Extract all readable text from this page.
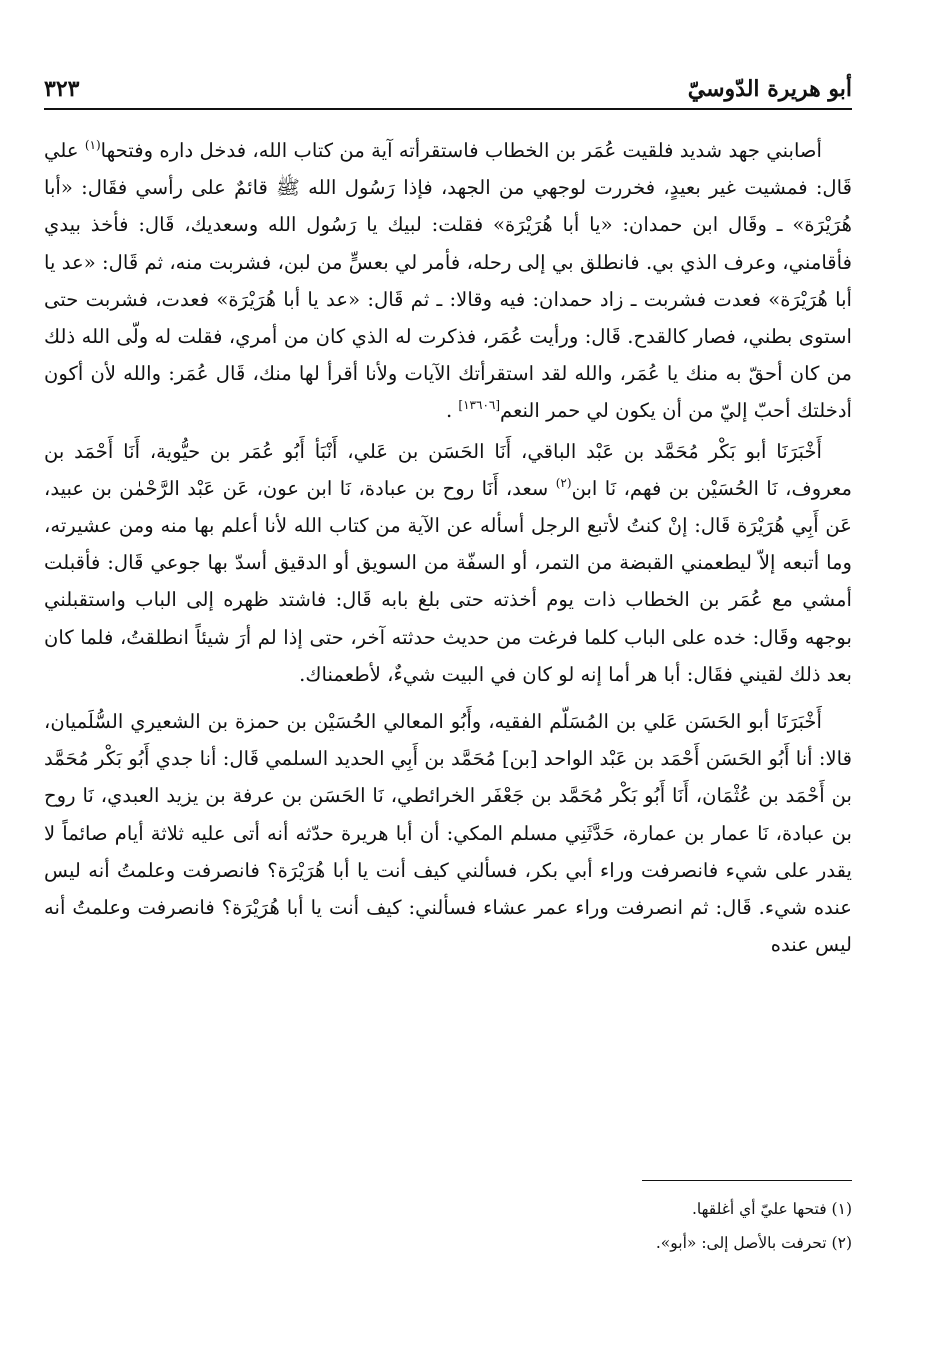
أبو هريرة الدّوسيّ
٣٢٣

أصابني جهد شديد فلقيت عُمَر بن الخطاب فاستقرأته آية من كتاب الله، فدخل داره وفتحها$^{(١)}$ علي قَال: فمشيت غير بعيدٍ، فخررت لوجهي من الجهد، فإذا رَسُول الله ﷺ قائمٌ على رأسي فقَال: «أبا هُرَيْرَة» ـ وقَال ابن حمدان: «يا أبا هُرَيْرَة» فقلت: لبيك يا رَسُول الله وسعديك، قَال: فأخذ بيدي فأقامني، وعرف الذي بي. فانطلق بي إلى رحله، فأمر لي بعسٍّ من لبن، فشربت منه، ثم قَال: «عد يا أبا هُرَيْرَة» فعدت فشربت ـ زاد حمدان: فيه وقالا: ـ ثم قَال: «عد يا أبا هُرَيْرَة» فعدت، فشربت حتى استوى بطني، فصار كالقدح. قَال: ورأيت عُمَر، فذكرت له الذي كان من أمري، فقلت له ولّى الله ذلك من كان أحقّ به منك يا عُمَر، والله لقد استقرأتك الآيات ولأنا أقرأ لها منك، قَال عُمَر: والله لأن أكون أدخلتك أحبّ إليّ من أن يكون لي حمر النعم[١٣٦٠٦] .

أَخْبَرَنَا أبو بَكْر مُحَمَّد بن عَبْد الباقي، أَنَا الحَسَن بن عَلي، أَنْبَأ أَبُو عُمَر بن حيُّوية، أَنَا أَحْمَد بن معروف، نَا الحُسَيْن بن فهم، نَا ابن$^{(٢)}$ سعد، أَنَا روح بن عبادة، نَا ابن عون، عَن عَبْد الرَّحْمٰن بن عبيد، عَن أَبِي هُرَيْرَة قَال: إنْ كنتُ لأتبع الرجل أسأله عن الآية من كتاب الله لأنا أعلم بها منه ومن عشيرته، وما أتبعه إلاّ ليطعمني القبضة من التمر، أو السفّة من السويق أو الدقيق أسدّ بها جوعي قَال: فأقبلت أمشي مع عُمَر بن الخطاب ذات يوم أخذته حتى بلغ بابه قَال: فاشتد ظهره إلى الباب واستقبلني بوجهه وقَال: خده على الباب كلما فرغت من حديث حدثته آخر، حتى إذا لم أرَ شيئاً انطلقتُ، فلما كان بعد ذلك لقيني فقَال: أبا هر أما إنه لو كان في البيت شيءٌ، لأطعمناك.

أَخْبَرَنَا أبو الحَسَن عَلي بن المُسَلّم الفقيه، وأَبُو المعالي الحُسَيْن بن حمزة بن الشعيري السُّلَميان، قالا: أنا أَبُو الحَسَن أَحْمَد بن عَبْد الواحد [بن] مُحَمَّد بن أَبِي الحديد السلمي قَال: أنا جدي أَبُو بَكْر مُحَمَّد بن أَحْمَد بن عُثْمَان، أَنَا أَبُو بَكْر مُحَمَّد بن جَعْفَر الخرائطي، نَا الحَسَن بن عرفة بن يزيد العبدي، نَا روح بن عبادة، نَا عمار بن عمارة، حَدَّثَنِي مسلم المكي: أن أبا هريرة حدّثه أنه أتى عليه ثلاثة أيام صائماً لا يقدر على شيء فانصرفت وراء أبي بكر، فسألني كيف أنت يا أبا هُرَيْرَة؟ فانصرفت وعلمتُ أنه ليس عنده شيء. قَال: ثم انصرفت وراء عمر عشاء فسألني: كيف أنت يا أبا هُرَيْرَة؟ فانصرفت وعلمتُ أنه ليس عنده

(١) فتحها عليّ أي أغلقها.

(٢) تحرفت بالأصل إلى: «أبو».
